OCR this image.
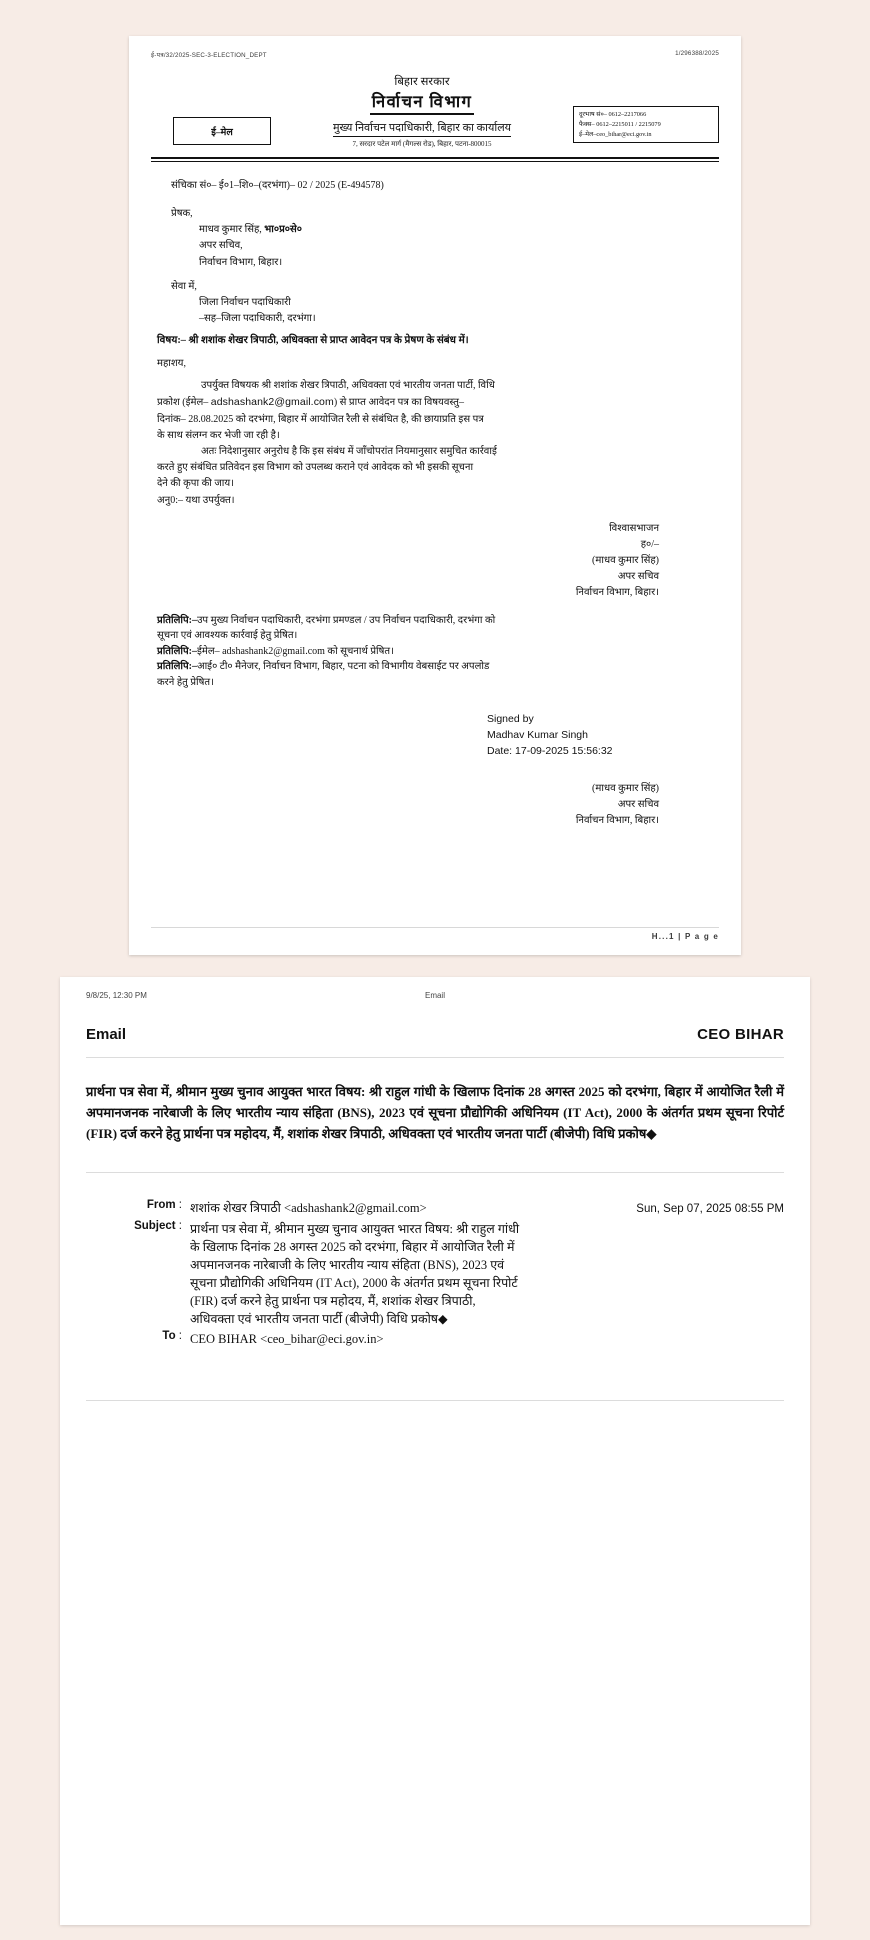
ई-पत्र/32/2025-SEC-3-ELECTION_DEPT	1/296388/2025
ई–मेल
बिहार सरकार
निर्वाचन विभाग
मुख्य निर्वाचन पदाधिकारी, बिहार का कार्यालय
7, सरदार पटेल मार्ग (मैगल्स रोड), बिहार, पटना-800015
दूरभाष सं०– 0612–2217066
फैक्स– 0612–2215011 / 2215079
ई–मेल–ceo_bihar@eci.gov.in
संचिका सं०– ई०1–शि०–(दरभंगा)– 02 / 2025 (E-494578)
प्रेषक,
माधव कुमार सिंह, भा०प्र०से०
अपर सचिव,
निर्वाचन विभाग, बिहार।
सेवा में,
जिला निर्वाचन पदाधिकारी
–सह–जिला पदाधिकारी, दरभंगा।
विषय:– श्री शशांक शेखर त्रिपाठी, अधिवक्ता से प्राप्त आवेदन पत्र के प्रेषण के संबंध में।
महाशय,
उपर्युक्त विषयक श्री शशांक शेखर त्रिपाठी, अधिवक्ता एवं भारतीय जनता पार्टी, विधि
प्रकोश (ईमेल– adshashank2@gmail.com) से प्राप्त आवेदन पत्र का विषयवस्तु–
दिनांक– 28.08.2025 को दरभंगा, बिहार में आयोजित रैली से संबंधित है, की छायाप्रति इस पत्र
के साथ संलग्न कर भेजी जा रही है।
अतः निदेशानुसार अनुरोध है कि इस संबंध में जाँचोपरांत नियमानुसार समुचित कार्रवाई
करते हुए संबंधित प्रतिवेदन इस विभाग को उपलब्ध कराने एवं आवेदक को भी इसकी सूचना
देने की कृपा की जाय।
अनु0:– यथा उपर्युक्त।
विश्वासभाजन
ह०/–
(माधव कुमार सिंह)
अपर सचिव
निर्वाचन विभाग, बिहार।
प्रतिलिपि:–उप मुख्य निर्वाचन पदाधिकारी, दरभंगा प्रमण्डल / उप निर्वाचन पदाधिकारी, दरभंगा को
सूचना एवं आवश्यक कार्रवाई हेतु प्रेषित।
प्रतिलिपि:–ईमेल– adshashank2@gmail.com को सूचनार्थ प्रेषित।
प्रतिलिपि:–आई० टी० मैनेजर, निर्वाचन विभाग, बिहार, पटना को विभागीय वेबसाईट पर अपलोड
करने हेतु प्रेषित।
Signed by
Madhav Kumar Singh
Date: 17-09-2025 15:56:32
(माधव कुमार सिंह)
अपर सचिव
निर्वाचन विभाग, बिहार।
H...1 | P a g e
9/8/25, 12:30 PM	Email
Email	CEO BIHAR
प्रार्थना पत्र सेवा में, श्रीमान मुख्य चुनाव आयुक्त भारत विषय: श्री राहुल गांधी के खिलाफ दिनांक 28 अगस्त 2025 को दरभंगा, बिहार में आयोजित रैली में अपमानजनक नारेबाजी के लिए भारतीय न्याय संहिता (BNS), 2023 एवं सूचना प्रौद्योगिकी अधिनियम (IT Act), 2000 के अंतर्गत प्रथम सूचना रिपोर्ट (FIR) दर्ज करने हेतु प्रार्थना पत्र महोदय, मैं, शशांक शेखर त्रिपाठी, अधिवक्ता एवं भारतीय जनता पार्टी (बीजेपी) विधि प्रकोष◆
From : शशांक शेखर त्रिपाठी <adshashank2@gmail.com>	Sun, Sep 07, 2025 08:55 PM
Subject : प्रार्थना पत्र सेवा में, श्रीमान मुख्य चुनाव आयुक्त भारत विषय: श्री राहुल गांधी के खिलाफ दिनांक 28 अगस्त 2025 को दरभंगा, बिहार में आयोजित रैली में अपमानजनक नारेबाजी के लिए भारतीय न्याय संहिता (BNS), 2023 एवं सूचना प्रौद्योगिकी अधिनियम (IT Act), 2000 के अंतर्गत प्रथम सूचना रिपोर्ट (FIR) दर्ज करने हेतु प्रार्थना पत्र महोदय, मैं, शशांक शेखर त्रिपाठी, अधिवक्ता एवं भारतीय जनता पार्टी (बीजेपी) विधि प्रकोष◆
To : CEO BIHAR <ceo_bihar@eci.gov.in>
